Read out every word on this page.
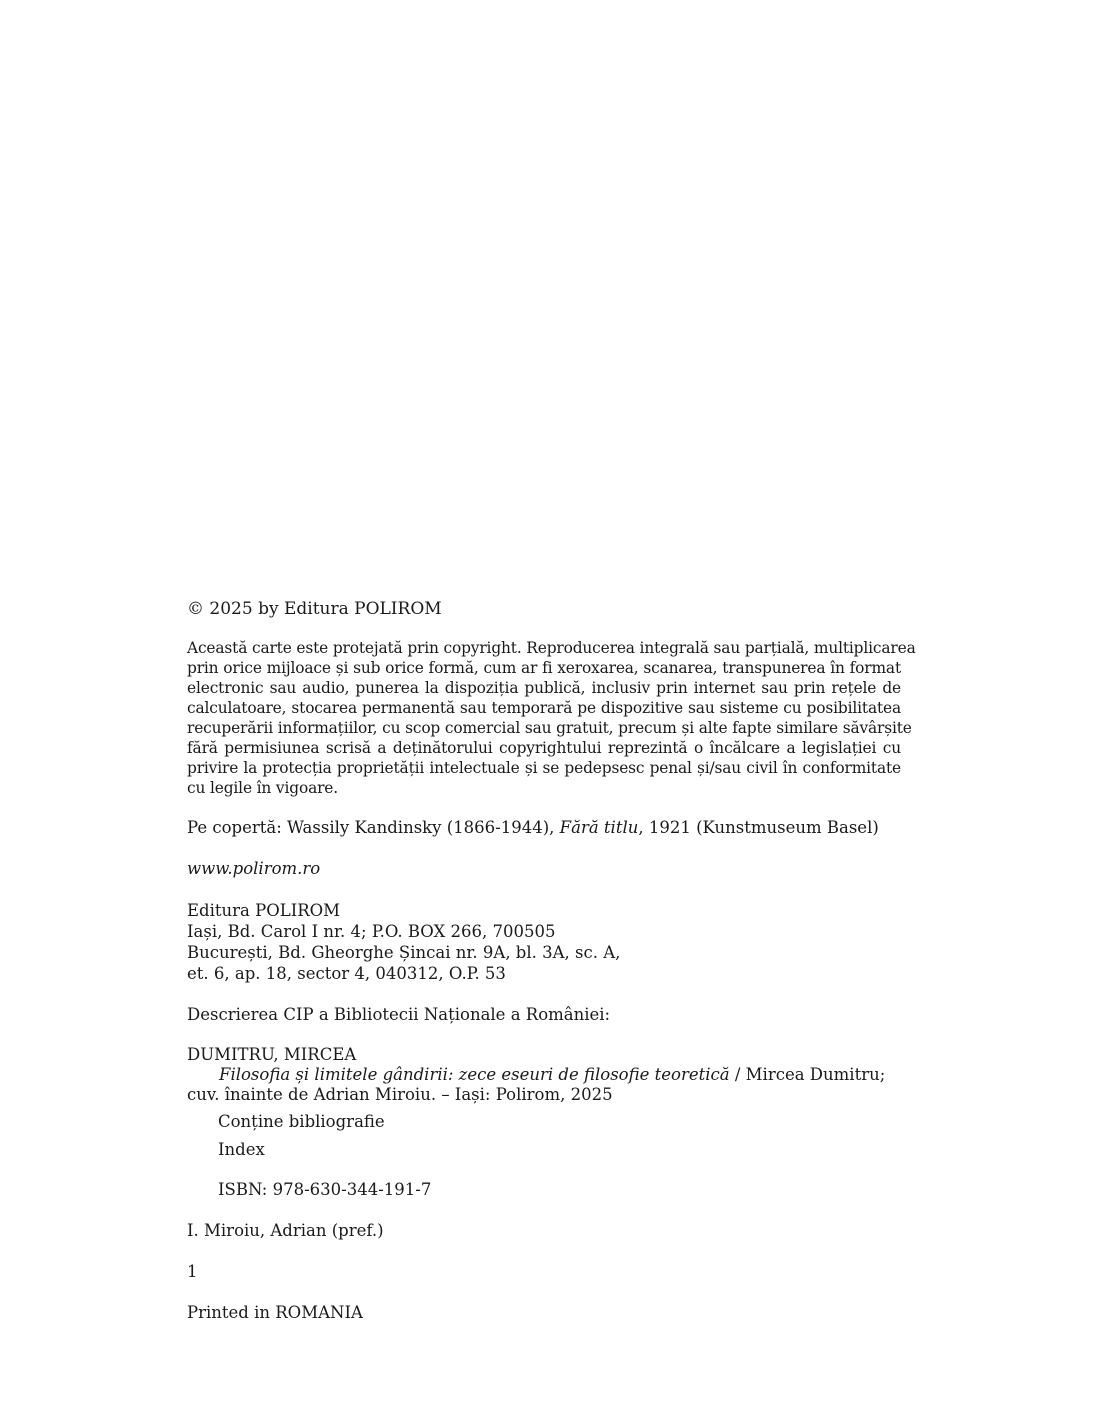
© 2025 by Editura POLIROM

Această carte este protejată prin copyright. Reproducerea integrală sau parțială, multiplicarea
prin orice mijloace și sub orice formă, cum ar fi xeroxarea, scanarea, transpunerea în format
electronic sau audio, punerea la dispoziția publică, inclusiv prin internet sau prin rețele de
calculatoare, stocarea permanentă sau temporară pe dispozitive sau sisteme cu posibilitatea
recuperării informațiilor, cu scop comercial sau gratuit, precum și alte fapte similare săvârșite
fără permisiunea scrisă a deținătorului copyrightului reprezintă o încălcare a legislației cu
privire la protecția proprietății intelectuale și se pedepsesc penal și/sau civil în conformitate
cu legile în vigoare.

Pe copertă: Wassily Kandinsky (1866-1944), Fără titlu, 1921 (Kunstmuseum Basel)

www.polirom.ro

Editura POLIROM

Iași, Bd. Carol I nr. 4; P.O. BOX 266, 700505

București, Bd. Gheorghe Șincai nr. 9A, bl. 3A, sc. A,

et. 6, ap. 18, sector 4, 040312, O.P. 53

Descrierea CIP a Bibliotecii Naționale a României:

DUMITRU, MIRCEA

Filosofia și limitele gândirii: zece eseuri de filosofie teoretică / Mircea Dumitru;

cuv. înainte de Adrian Miroiu. – Iași: Polirom, 2025

Conține bibliografie

Index

ISBN: 978-630-344-191-7

I. Miroiu, Adrian (pref.)

1

Printed in ROMANIA
